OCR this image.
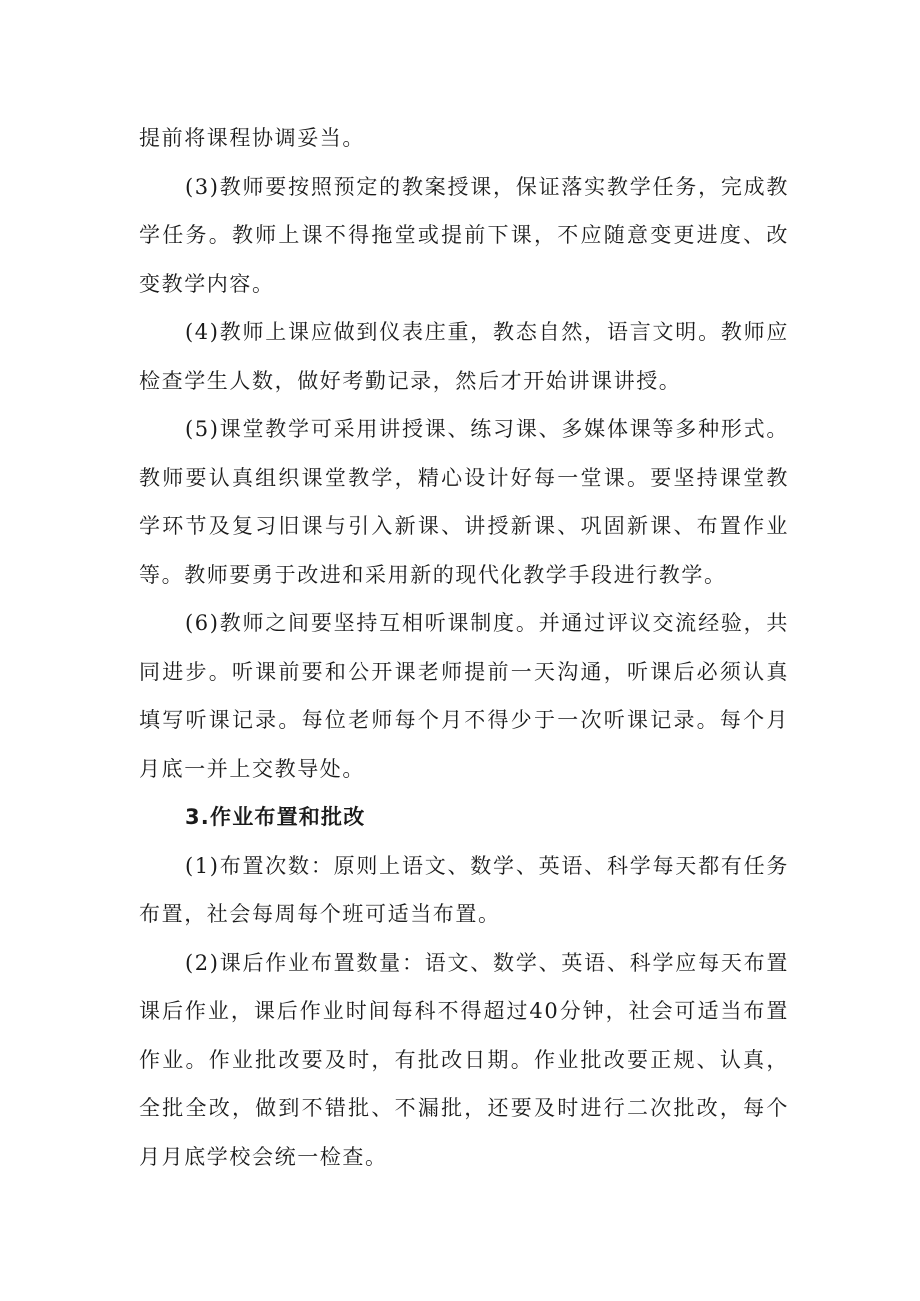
提前将课程协调妥当。

(3)教师要按照预定的教案授课，保证落实教学任务，完成教学任务。教师上课不得拖堂或提前下课，不应随意变更进度、改变教学内容。

(4)教师上课应做到仪表庄重，教态自然，语言文明。教师应检查学生人数，做好考勤记录，然后才开始讲课讲授。

(5)课堂教学可采用讲授课、练习课、多媒体课等多种形式。教师要认真组织课堂教学，精心设计好每一堂课。要坚持课堂教学环节及复习旧课与引入新课、讲授新课、巩固新课、布置作业等。教师要勇于改进和采用新的现代化教学手段进行教学。

(6)教师之间要坚持互相听课制度。并通过评议交流经验，共同进步。听课前要和公开课老师提前一天沟通，听课后必须认真填写听课记录。每位老师每个月不得少于一次听课记录。每个月月底一并上交教导处。

3.作业布置和批改

(1)布置次数：原则上语文、数学、英语、科学每天都有任务布置，社会每周每个班可适当布置。

(2)课后作业布置数量：语文、数学、英语、科学应每天布置课后作业，课后作业时间每科不得超过40分钟，社会可适当布置作业。作业批改要及时，有批改日期。作业批改要正规、认真，全批全改，做到不错批、不漏批，还要及时进行二次批改，每个月月底学校会统一检查。
